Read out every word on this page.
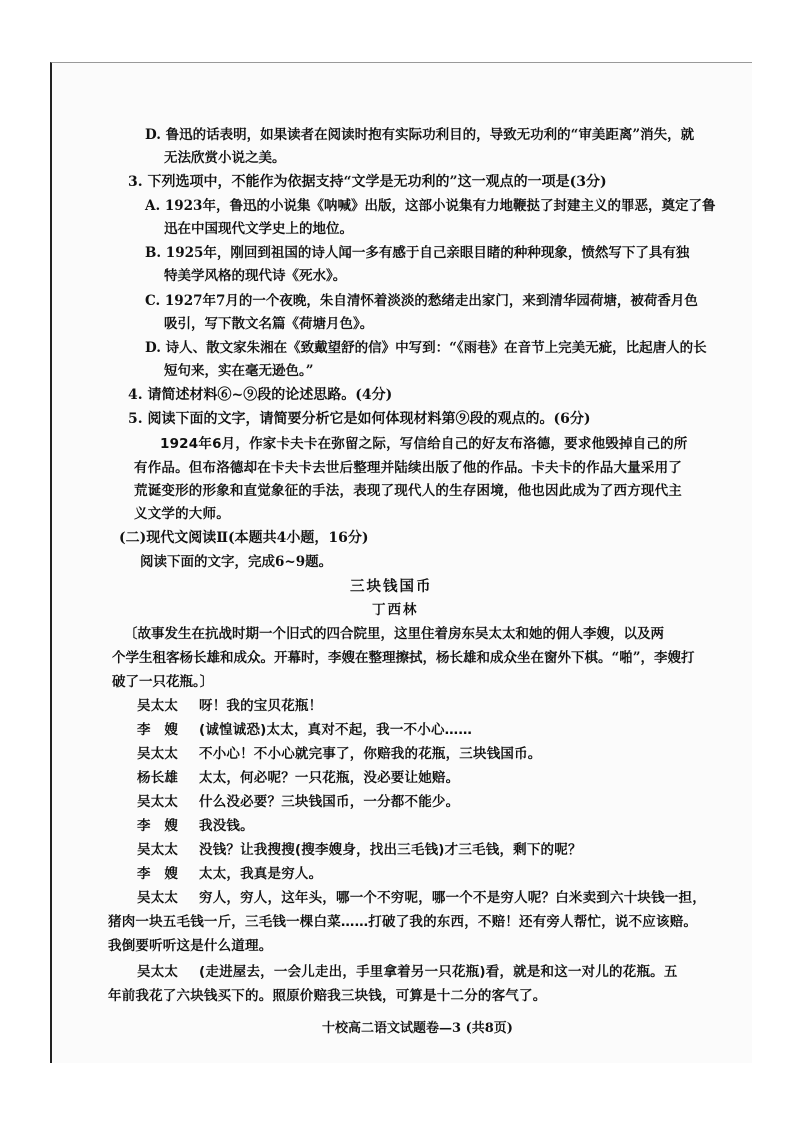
D. 鲁迅的话表明，如果读者在阅读时抱有实际功利目的，导致无功利的“审美距离”消失，就
无法欣赏小说之美。
3. 下列选项中，不能作为依据支持“文学是无功利的”这一观点的一项是(3分)
A. 1923年，鲁迅的小说集《呐喊》出版，这部小说集有力地鞭挞了封建主义的罪恶，奠定了鲁
迅在中国现代文学史上的地位。
B. 1925年，刚回到祖国的诗人闻一多有感于自己亲眼目睹的种种现象，愤然写下了具有独
特美学风格的现代诗《死水》。
C. 1927年7月的一个夜晚，朱自清怀着淡淡的愁绪走出家门，来到清华园荷塘，被荷香月色
吸引，写下散文名篇《荷塘月色》。
D. 诗人、散文家朱湘在《致戴望舒的信》中写到：“《雨巷》在音节上完美无疵，比起唐人的长
短句来，实在毫无逊色。”
4. 请简述材料⑥~⑨段的论述思路。(4分)
5. 阅读下面的文字，请简要分析它是如何体现材料第⑨段的观点的。(6分)
1924年6月，作家卡夫卡在弥留之际，写信给自己的好友布洛德，要求他毁掉自己的所
有作品。但布洛德却在卡夫卡去世后整理并陆续出版了他的作品。卡夫卡的作品大量采用了
荒诞变形的形象和直觉象征的手法，表现了现代人的生存困境，他也因此成为了西方现代主
义文学的大师。
(二)现代文阅读Ⅱ(本题共4小题，16分)
阅读下面的文字，完成6~9题。
三块钱国币
丁西林
〔故事发生在抗战时期一个旧式的四合院里，这里住着房东吴太太和她的佣人李嫂，以及两
个学生租客杨长雄和成众。开幕时，李嫂在整理擦拭，杨长雄和成众坐在窗外下棋。“啪”，李嫂打
破了一只花瓶。〕
吴太太 呀！我的宝贝花瓶！
李　嫂 (诚惶诚恐)太太，真对不起，我一不小心……
吴太太 不小心！不小心就完事了，你赔我的花瓶，三块钱国币。
杨长雄 太太，何必呢？一只花瓶，没必要让她赔。
吴太太 什么没必要？三块钱国币，一分都不能少。
李　嫂 我没钱。
吴太太 没钱？让我搜搜(搜李嫂身，找出三毛钱)才三毛钱，剩下的呢？
李　嫂 太太，我真是穷人。
吴太太 穷人，穷人，这年头，哪一个不穷呢，哪一个不是穷人呢？白米卖到六十块钱一担，
猪肉一块五毛钱一斤，三毛钱一棵白菜……打破了我的东西，不赔！还有旁人帮忙，说不应该赔。
我倒要听听这是什么道理。
吴太太 (走进屋去，一会儿走出，手里拿着另一只花瓶)看，就是和这一对儿的花瓶。五
年前我花了六块钱买下的。照原价赔我三块钱，可算是十二分的客气了。
十校高二语文试题卷—3 (共8页)
